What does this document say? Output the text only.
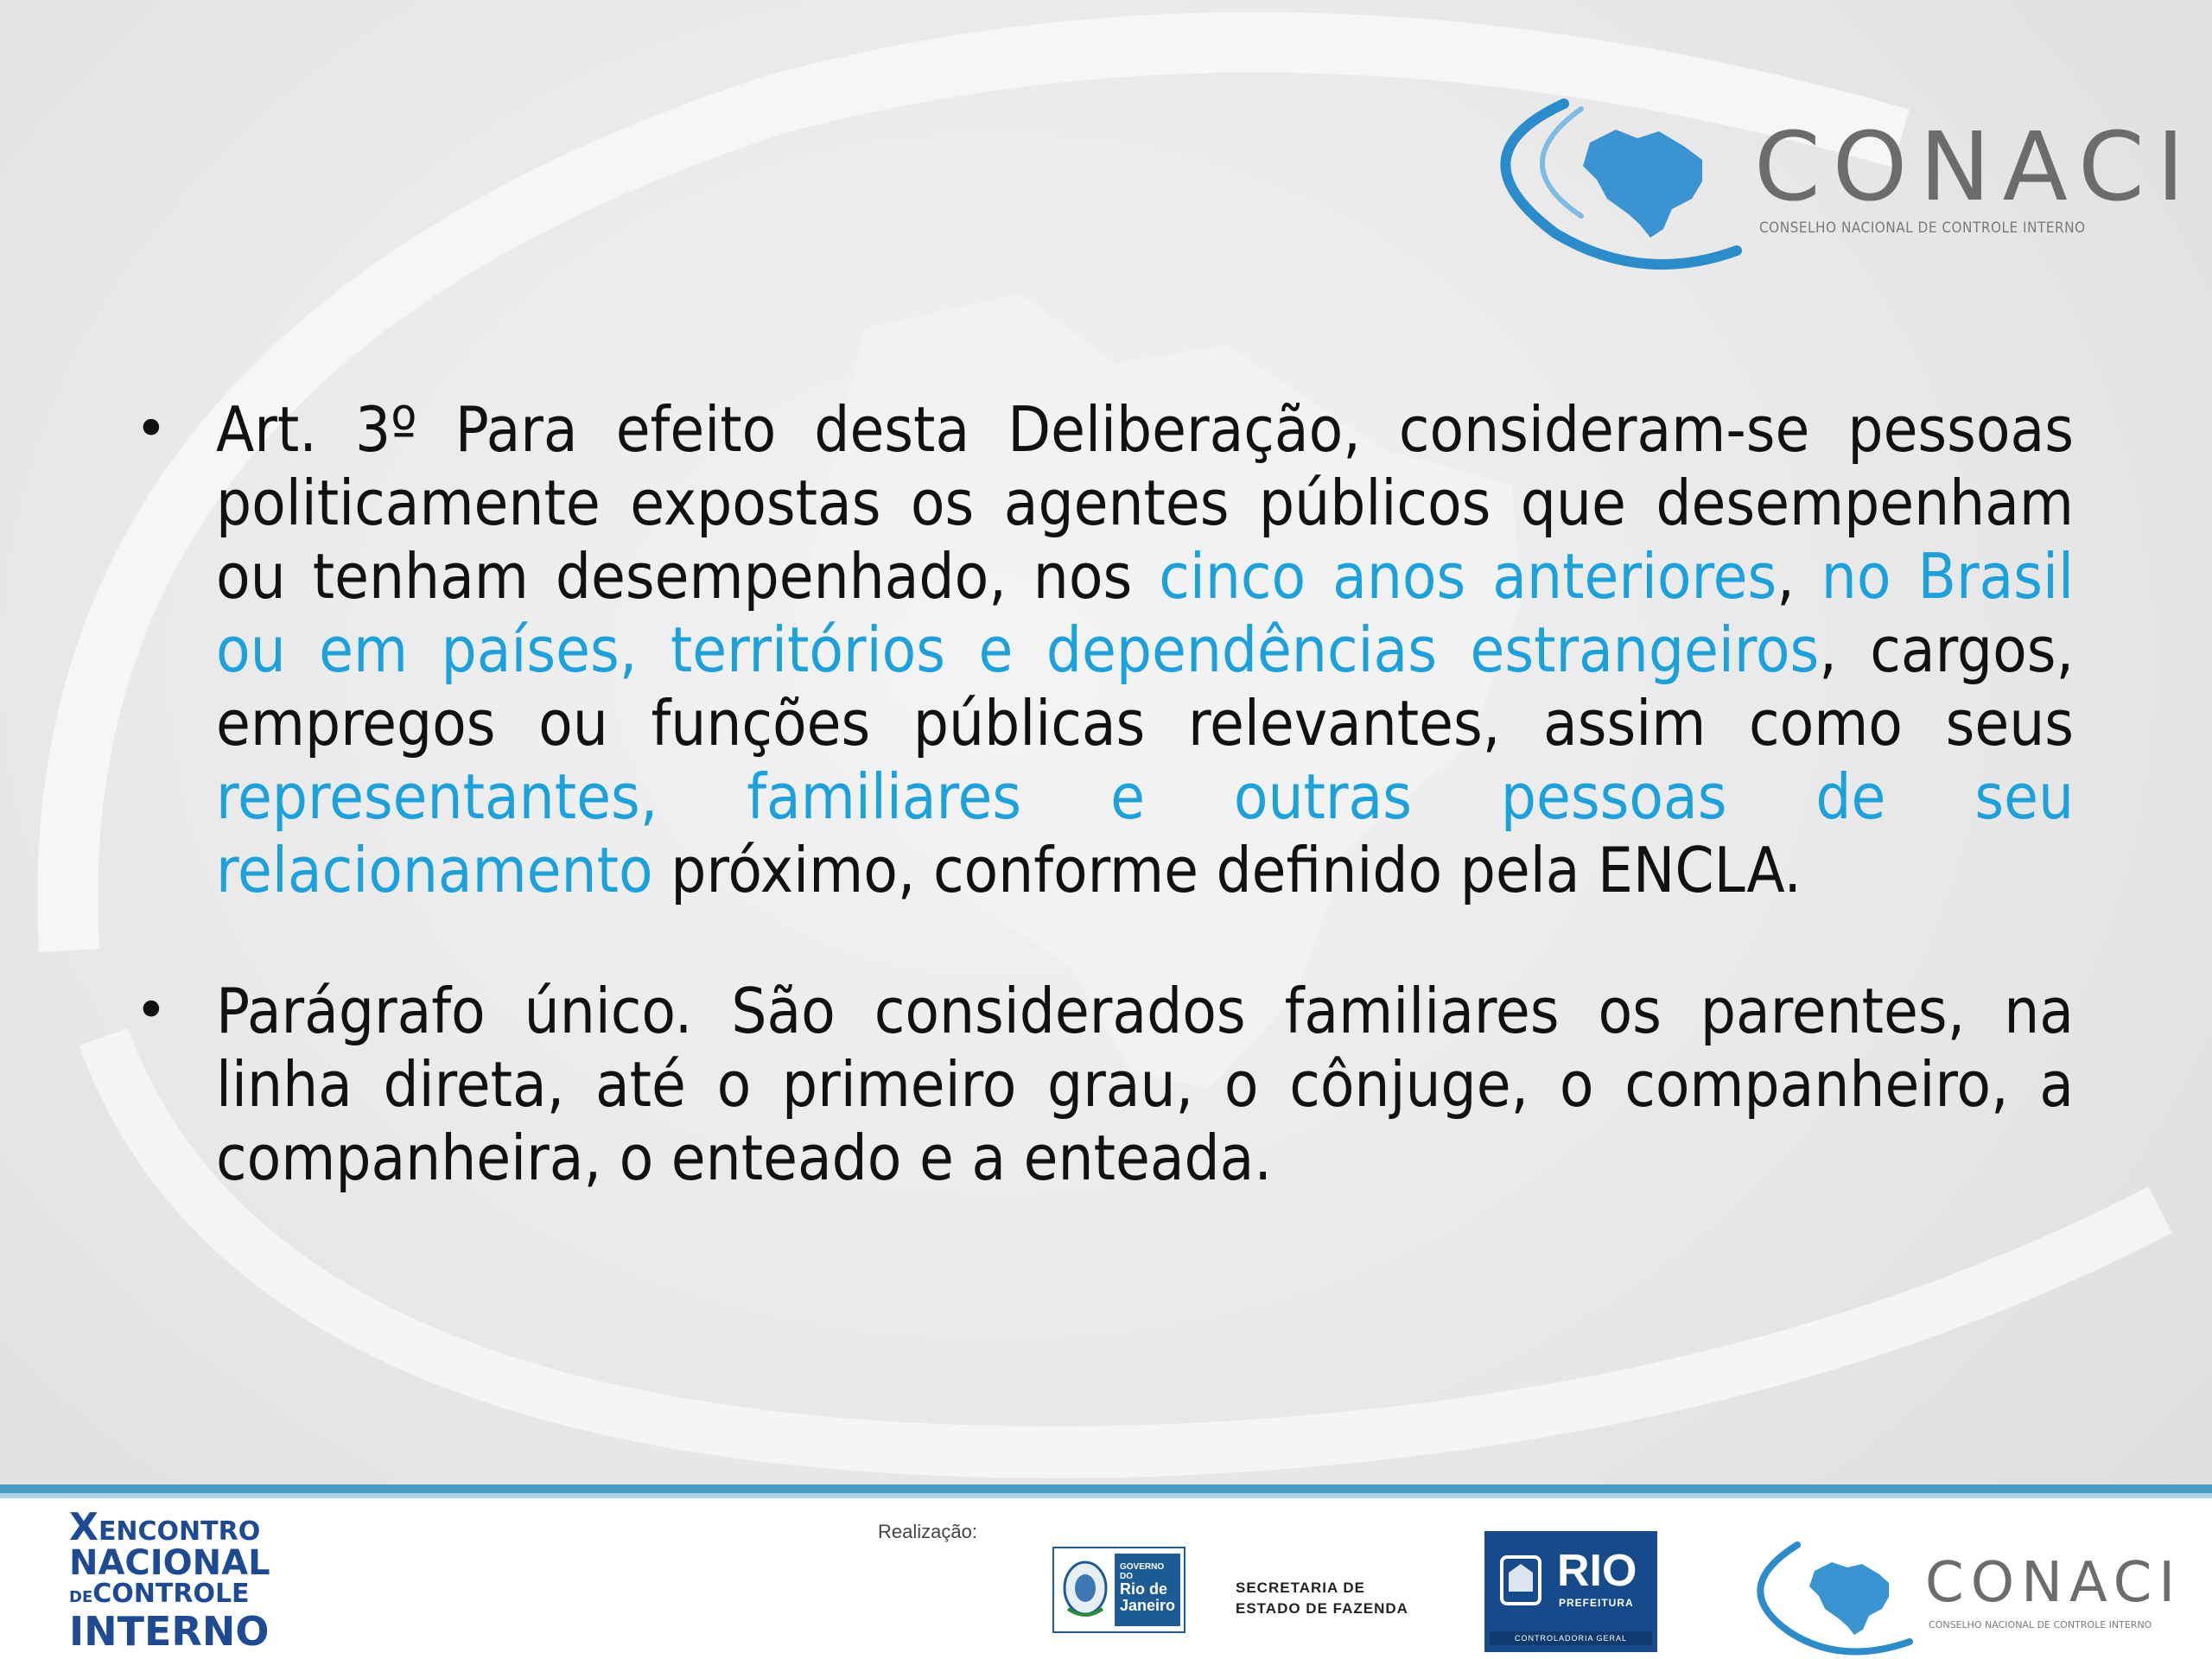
CONACI
CONSELHO NACIONAL DE CONTROLE INTERNO
• Art. 3º Para efeito desta Deliberação, consideram-se pessoas politicamente expostas os agentes públicos que desempenham ou tenham desempenhado, nos cinco anos anteriores, no Brasil ou em países, territórios e dependências estrangeiros, cargos, empregos ou funções públicas relevantes, assim como seus representantes, familiares e outras pessoas de seu relacionamento próximo, conforme definido pela ENCLA.

• Parágrafo único. São considerados familiares os parentes, na linha direta, até o primeiro grau, o cônjuge, o companheiro, a companheira, o enteado e a enteada.

XENCONTRO
NACIONAL
DECONTROLE
INTERNO
Realização:
GOVERNO DO
Rio de
Janeiro
SECRETARIA DE
ESTADO DE FAZENDA
RIO
PREFEITURA
CONTROLADORIA GERAL
CONACI
CONSELHO NACIONAL DE CONTROLE INTERNO
